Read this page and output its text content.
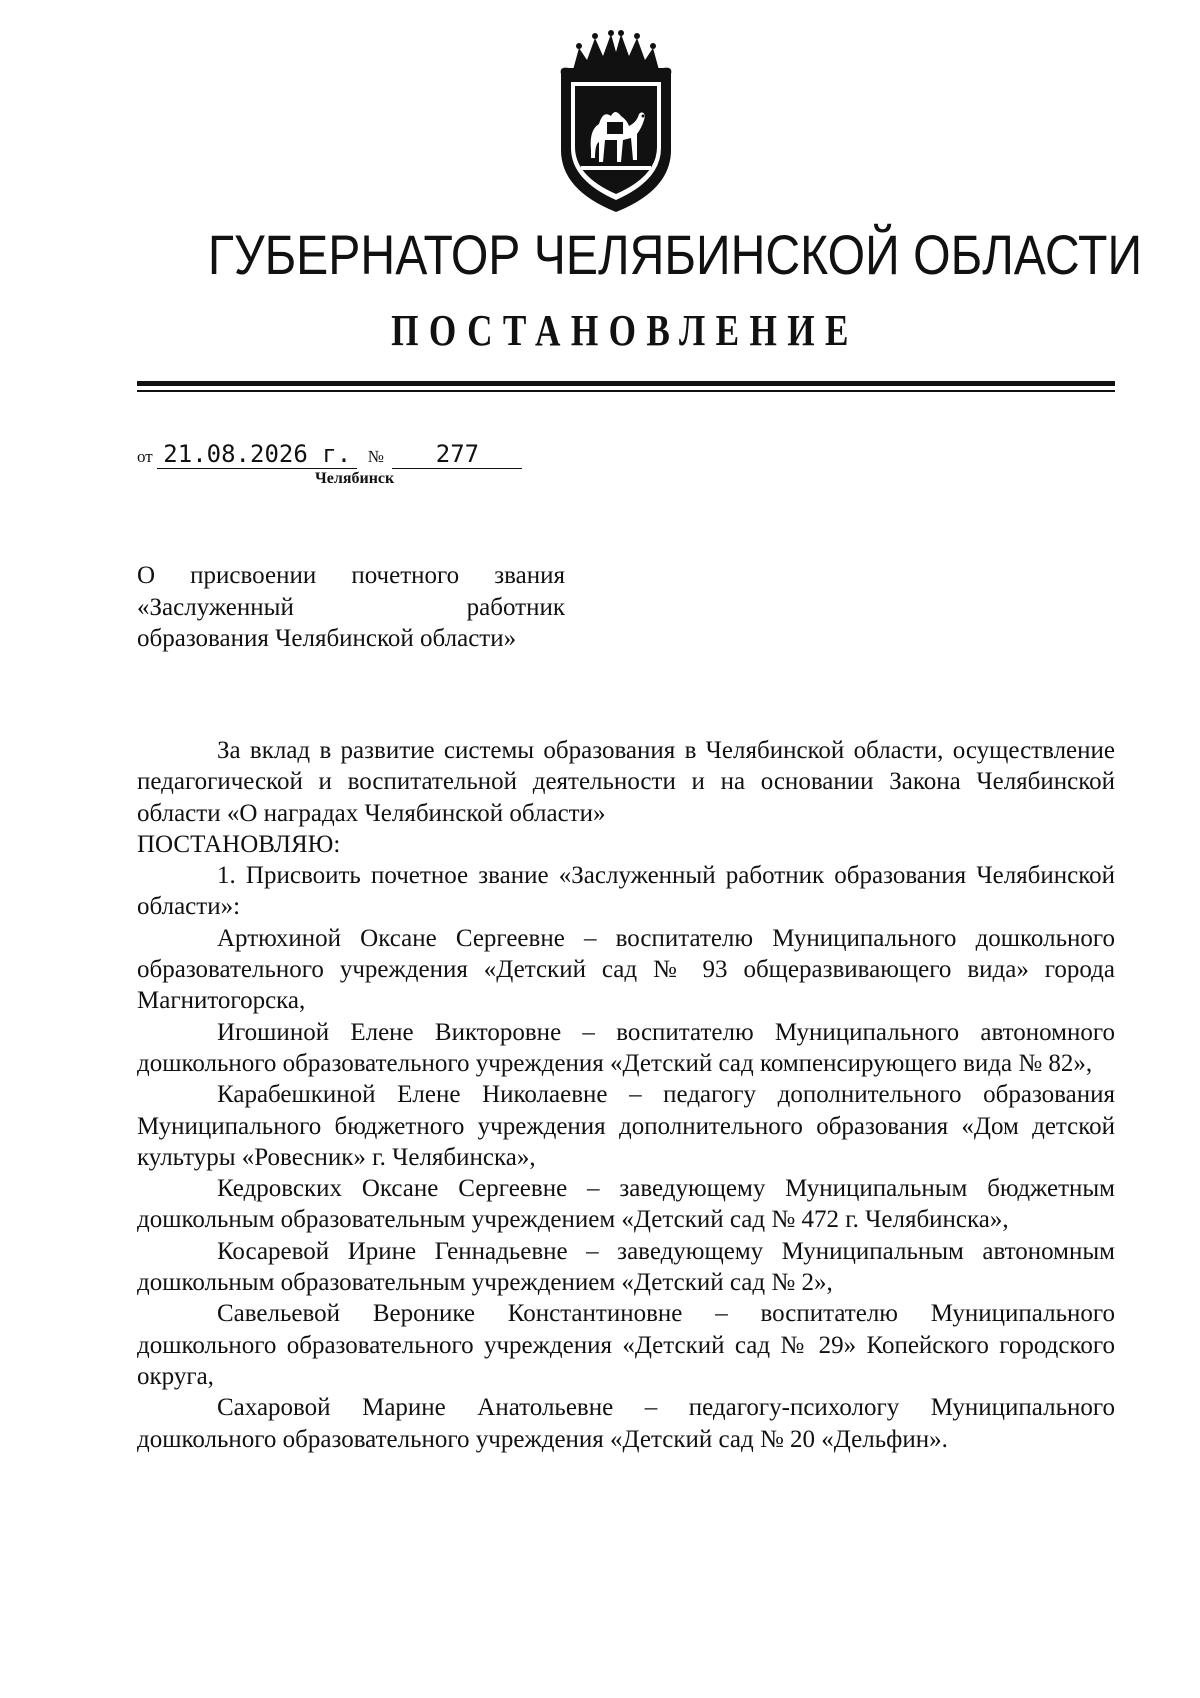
ГУБЕРНАТОР ЧЕЛЯБИНСКОЙ ОБЛАСТИ
ПОСТАНОВЛЕНИЕ
от 21.08.2026 г. № 277
Челябинск
О присвоении почетного звания
«Заслуженный работник
образования Челябинской области»

За вклад в развитие системы образования в Челябинской области, осуществление педагогической и воспитательной деятельности и на основании Закона Челябинской области «О наградах Челябинской области»

ПОСТАНОВЛЯЮ:

1. Присвоить почетное звание «Заслуженный работник образования Челябинской области»:

Артюхиной Оксане Сергеевне – воспитателю Муниципального дошкольного образовательного учреждения «Детский сад № 93 общеразвивающего вида» города Магнитогорска,

Игошиной Елене Викторовне – воспитателю Муниципального автономного дошкольного образовательного учреждения «Детский сад компенсирующего вида № 82»,

Карабешкиной Елене Николаевне – педагогу дополнительного образования Муниципального бюджетного учреждения дополнительного образования «Дом детской культуры «Ровесник» г. Челябинска»,

Кедровских Оксане Сергеевне – заведующему Муниципальным бюджетным дошкольным образовательным учреждением «Детский сад № 472 г. Челябинска»,

Косаревой Ирине Геннадьевне – заведующему Муниципальным автономным дошкольным образовательным учреждением «Детский сад № 2»,

Савельевой Веронике Константиновне – воспитателю Муниципального дошкольного образовательного учреждения «Детский сад № 29» Копейского городского округа,

Сахаровой Марине Анатольевне – педагогу-психологу Муниципального дошкольного образовательного учреждения «Детский сад № 20 «Дельфин».
